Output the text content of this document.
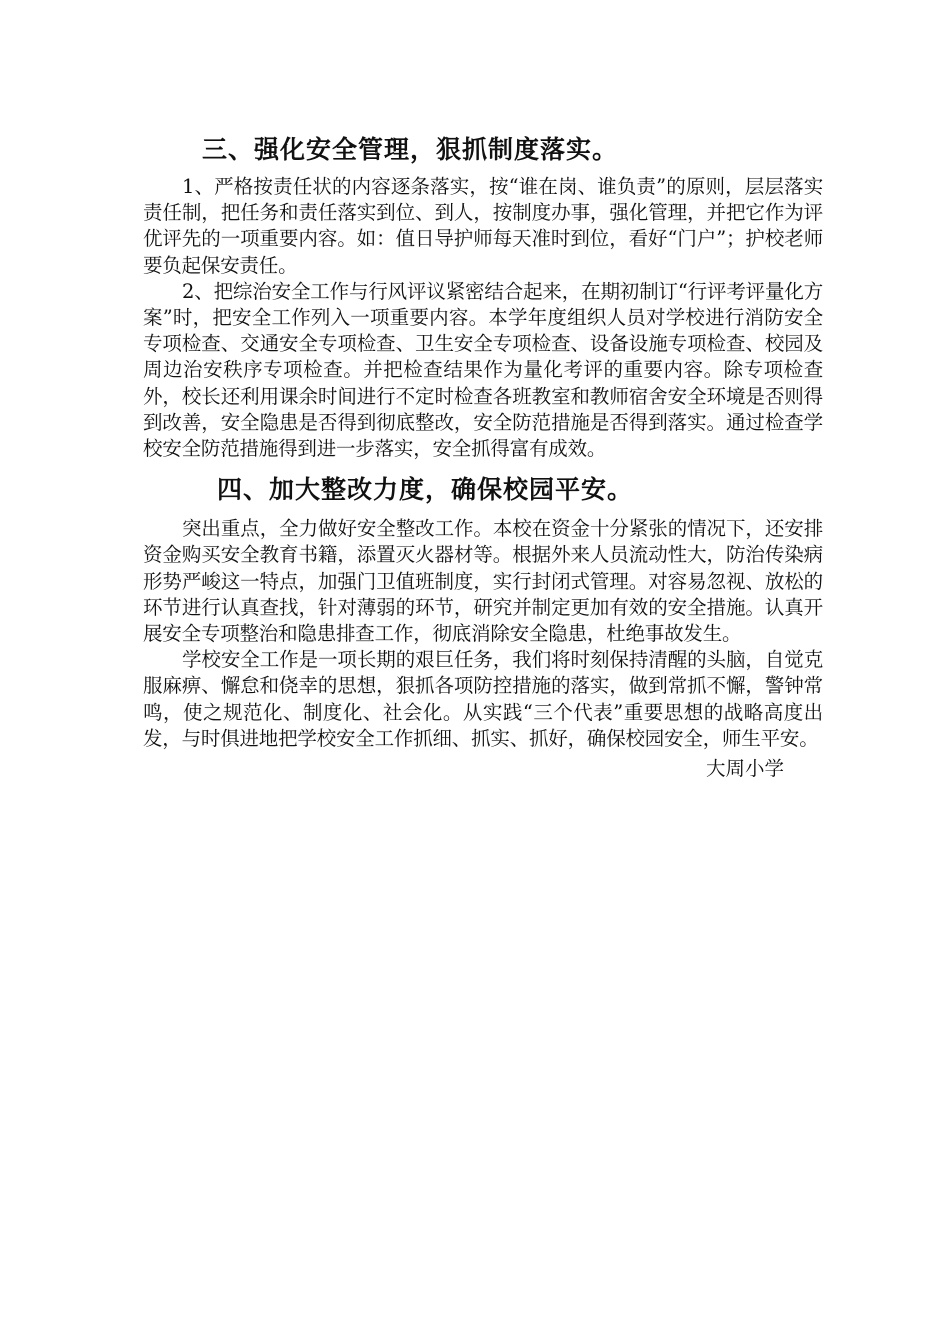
三、强化安全管理，狠抓制度落实。

1、严格按责任状的内容逐条落实，按“谁在岗、谁负责”的原则，层层落实责任制，把任务和责任落实到位、到人，按制度办事，强化管理，并把它作为评优评先的一项重要内容。如：值日导护师每天准时到位，看好“门户”；护校老师要负起保安责任。

2、把综治安全工作与行风评议紧密结合起来，在期初制订“行评考评量化方案”时，把安全工作列入一项重要内容。本学年度组织人员对学校进行消防安全专项检查、交通安全专项检查、卫生安全专项检查、设备设施专项检查、校园及周边治安秩序专项检查。并把检查结果作为量化考评的重要内容。除专项检查外，校长还利用课余时间进行不定时检查各班教室和教师宿舍安全环境是否则得到改善，安全隐患是否得到彻底整改，安全防范措施是否得到落实。通过检查学校安全防范措施得到进一步落实，安全抓得富有成效。

四、加大整改力度，确保校园平安。

突出重点，全力做好安全整改工作。本校在资金十分紧张的情况下，还安排资金购买安全教育书籍，添置灭火器材等。根据外来人员流动性大，防治传染病形势严峻这一特点，加强门卫值班制度，实行封闭式管理。对容易忽视、放松的环节进行认真查找，针对薄弱的环节，研究并制定更加有效的安全措施。认真开展安全专项整治和隐患排查工作，彻底消除安全隐患，杜绝事故发生。

学校安全工作是一项长期的艰巨任务，我们将时刻保持清醒的头脑，自觉克服麻痹、懈怠和侥幸的思想，狠抓各项防控措施的落实，做到常抓不懈，警钟常鸣，使之规范化、制度化、社会化。从实践“三个代表”重要思想的战略高度出发，与时俱进地把学校安全工作抓细、抓实、抓好，确保校园安全，师生平安。

大周小学
